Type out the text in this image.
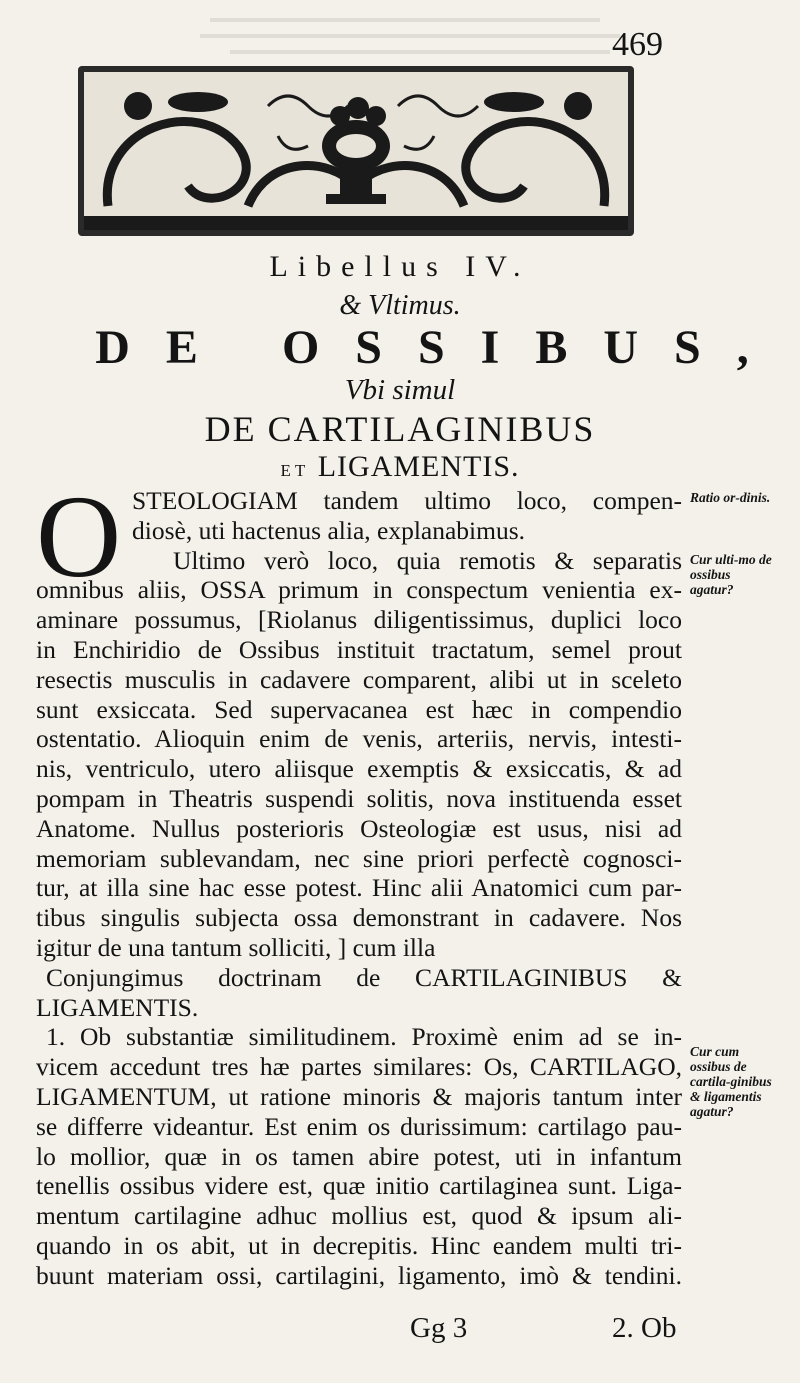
469
Libellus IV.
& Vltimus.
DE OSSIBUS,
Vbi simul
DE CARTILAGINIBUS
ET LIGAMENTIS.
O STEOLOGIAM tandem ultimo loco, compen-
diosè, uti hactenus alia, explanabimus.
Ultimo verò loco, quia remotis & separatis
omnibus aliis, OSSA primum in conspectum venientia ex-
aminare possumus, [Riolanus diligentissimus, duplici loco
in Enchiridio de Ossibus instituit tractatum, semel prout
resectis musculis in cadavere comparent, alibi ut in sceleto
sunt exsiccata. Sed supervacanea est hæc in compendio
ostentatio. Alioquin enim de venis, arteriis, nervis, intesti-
nis, ventriculo, utero aliisque exemptis & exsiccatis, & ad
pompam in Theatris suspendi solitis, nova instituenda esset
Anatome. Nullus posterioris Osteologiæ est usus, nisi ad
memoriam sublevandam, nec sine priori perfectè cognosci-
tur, at illa sine hac esse potest. Hinc alii Anatomici cum par-
tibus singulis subjecta ossa demonstrant in cadavere. Nos
igitur de una tantum solliciti, ] cum illa
Conjungimus doctrinam de CARTILAGINIBUS &
LIGAMENTIS.
1. Ob substantiæ similitudinem. Proximè enim ad se in-
vicem accedunt tres hæ partes similares: Os, CARTILAGO,
LIGAMENTUM, ut ratione minoris & majoris tantum inter
se differre videantur. Est enim os durissimum: cartilago pau-
lo mollior, quæ in os tamen abire potest, uti in infantum
tenellis ossibus videre est, quæ initio cartilaginea sunt. Liga-
mentum cartilagine adhuc mollius est, quod & ipsum ali-
quando in os abit, ut in decrepitis. Hinc eandem multi tri-
buunt materiam ossi, cartilagini, ligamento, imò & tendini.
Ratio or-dinis.
Cur ulti-mo de ossibus agatur?
Cur cum ossibus de cartila-ginibus & ligamentis agatur?
Gg 3	2. Ob
